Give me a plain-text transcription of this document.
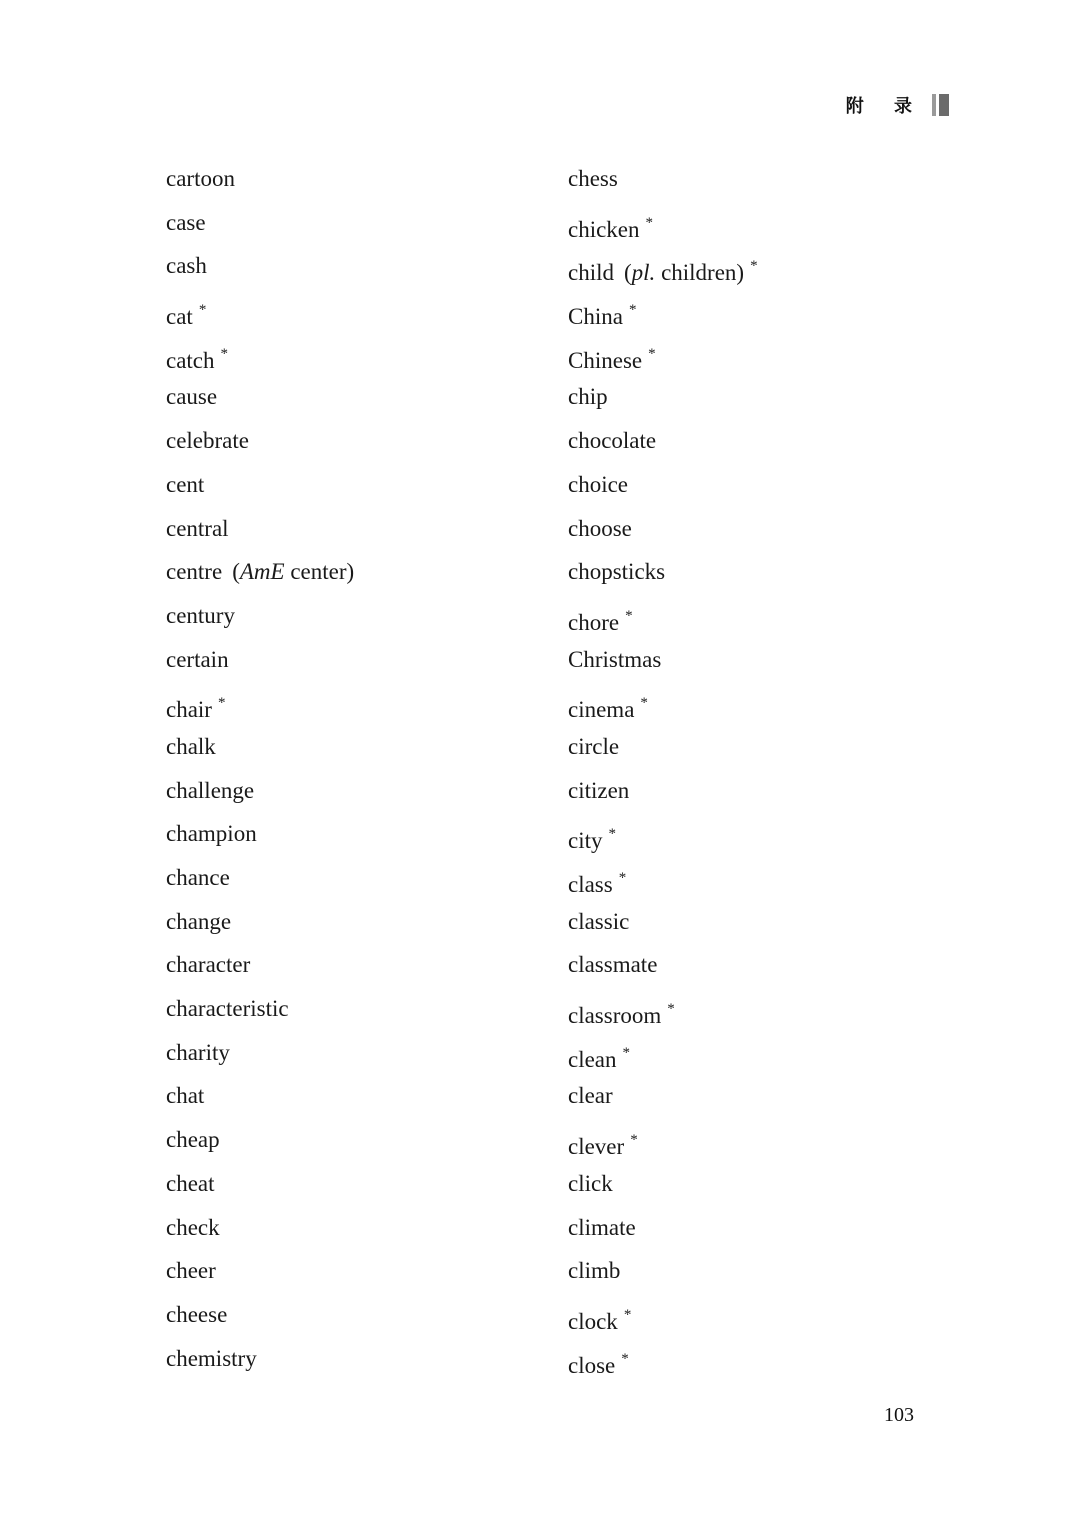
附 录
cartoon
case
cash
cat *
catch *
cause
celebrate
cent
central
centre (AmE center)
century
certain
chair *
chalk
challenge
champion
chance
change
character
characteristic
charity
chat
cheap
cheat
check
cheer
cheese
chemistry
chess
chicken *
child (pl. children) *
China *
Chinese *
chip
chocolate
choice
choose
chopsticks
chore *
Christmas
cinema *
circle
citizen
city *
class *
classic
classmate
classroom *
clean *
clear
clever *
click
climate
climb
clock *
close *
103
